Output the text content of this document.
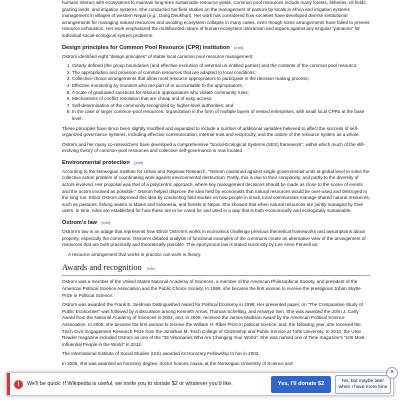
humans interact with ecosystems to maintain long-term sustainable resource yields. Common pool resources include many forests, fisheries, oil fields, grazing lands, and irrigation systems. She conducted her field studies on the management of pasture by locals in Africa and irrigation systems management in villages of western Nepal (e.g., Dang Deukhuri). Her work has considered how societies have developed diverse institutional arrangements for managing natural resources and avoiding ecosystem collapse in many cases, even though some arrangements have failed to prevent resource exhaustion. Her work emphasized the multifaceted nature of human-ecosystem interaction and argues against any singular "panacea" for individual social-ecological system problems.

Design principles for Common Pool Resource (CPR) institution [edit]

Ostrom identified eight "design principles" of stable local common pool resource management:

1. Clearly defined (the group boundaries (and effective exclusion of external un-entitled parties) and the contents of the common pool resource;
2. The appropriation and provision of common resources that are adapted to local conditions;
3. Collective-choice arrangements that allow most resource appropriators to participate in the decision-making process;
4. Effective monitoring by monitors who are part of or accountable to the appropriators;
5. A scale of graduated sanctions for resource appropriators who violate community rules;
6. Mechanisms of conflict resolution that are cheap and of easy access;
7. Self-determination of the community recognized by higher-level authorities; and
8. In the case of larger common-pool resources, organization in the form of multiple layers of nested enterprises, with small local CPRs at the base level.

These principles have since been slightly modified and expanded to include a number of additional variables believed to affect the success of self-organized governance systems, including effective communication, internal trust and reciprocity, and the nature of the resource system as a whole.

Ostrom and her many co-researchers have developed a comprehensive "Social-Ecological Systems (SES) framework", within which much of the still-evolving theory of common-pool resources and collective self-governance is now located.

Environmental protection [edit]

According to the Norwegian Institute for Urban and Regional Research, "Ostrom cautioned against single governmental units at global level to solve the collective action problem of coordinating work against environmental destruction. Partly, this is due to their complexity, and partly to the diversity of actors involved. Her proposal was that of a polycentric approach, where key management decisions should be made as close to the scene of events and the actors involved as possible." Ostrom helped disprove the idea held by economists that natural resources would be over-used and destroyed in the long run. Elinor Ostrom disproved this idea by conducting field studies on how people in small, local communities manage shared natural resources, such as pastures, fishing waters in Maine and Indonesia, and forests in Nepal. She showed that when natural resources are jointly managed by their users, in time, rules are established for how these are to be cared for and used in a way that is both economically and ecologically sustainable.

Ostrom's law [edit]

Ostrom's law is an adage that represents how Elinor Ostrom's works in economics challenge previous theoretical frameworks and assumptions about property, especially the commons. Ostrom's detailed analysis of functional examples of the commons create an alternative view of the arrangement of resources that are both practically and theoretically possible. This eponymous law is stated succinctly by Lee Anne Fennell as:

A resource arrangement that works in practice can work in theory.
Awards and recognition [edit]

Ostrom was a member of the United States National Academy of Sciences, a member of the American Philosophical Society, and president of the American Political Science Association and the Public Choice Society. In 1999, she became the first woman to receive the prestigious Johan Skytte Prize in Political Science.

Ostrom was awarded the Frank E. Seidman Distinguished Award for Political Economy in 1998. Her presented paper, on "The Comparative Study of Public Economies" was followed by a discussion among Kenneth Arrow, Thomas Schelling, and Amartya Sen. She was awarded the John J. Carty Award from the National Academy of Sciences in 2004, and, in 2005, received the James Madison Award by the American Political Science Association. In 2008, she became the first woman to receive the William H. Riker Prize in political science; and, the following year, she received the Tisch Civic Engagement Research Prize from the Jonathan M. Tisch College of Citizenship and Public Service at Tufts University. In 2010, the Utne Reader magazine included Ostrom as one of the "25 Visionaries Who Are Changing Your World". She was named one of Time magazine's "100 Most Influential People in the World" in 2012.

The International Institute of Social Studies (ISS) awarded its Honorary Fellowship to her in 2002.

In 2008, she was awarded an honorary degree, doctor honoris causa, at the Norwegian University of Science and

i	We'll be quick: If Wikipedia is useful, we invite you to donate $2 or whatever you'd like.	Yes, I'll donate $2	No, but maybe later when I have more time
×
